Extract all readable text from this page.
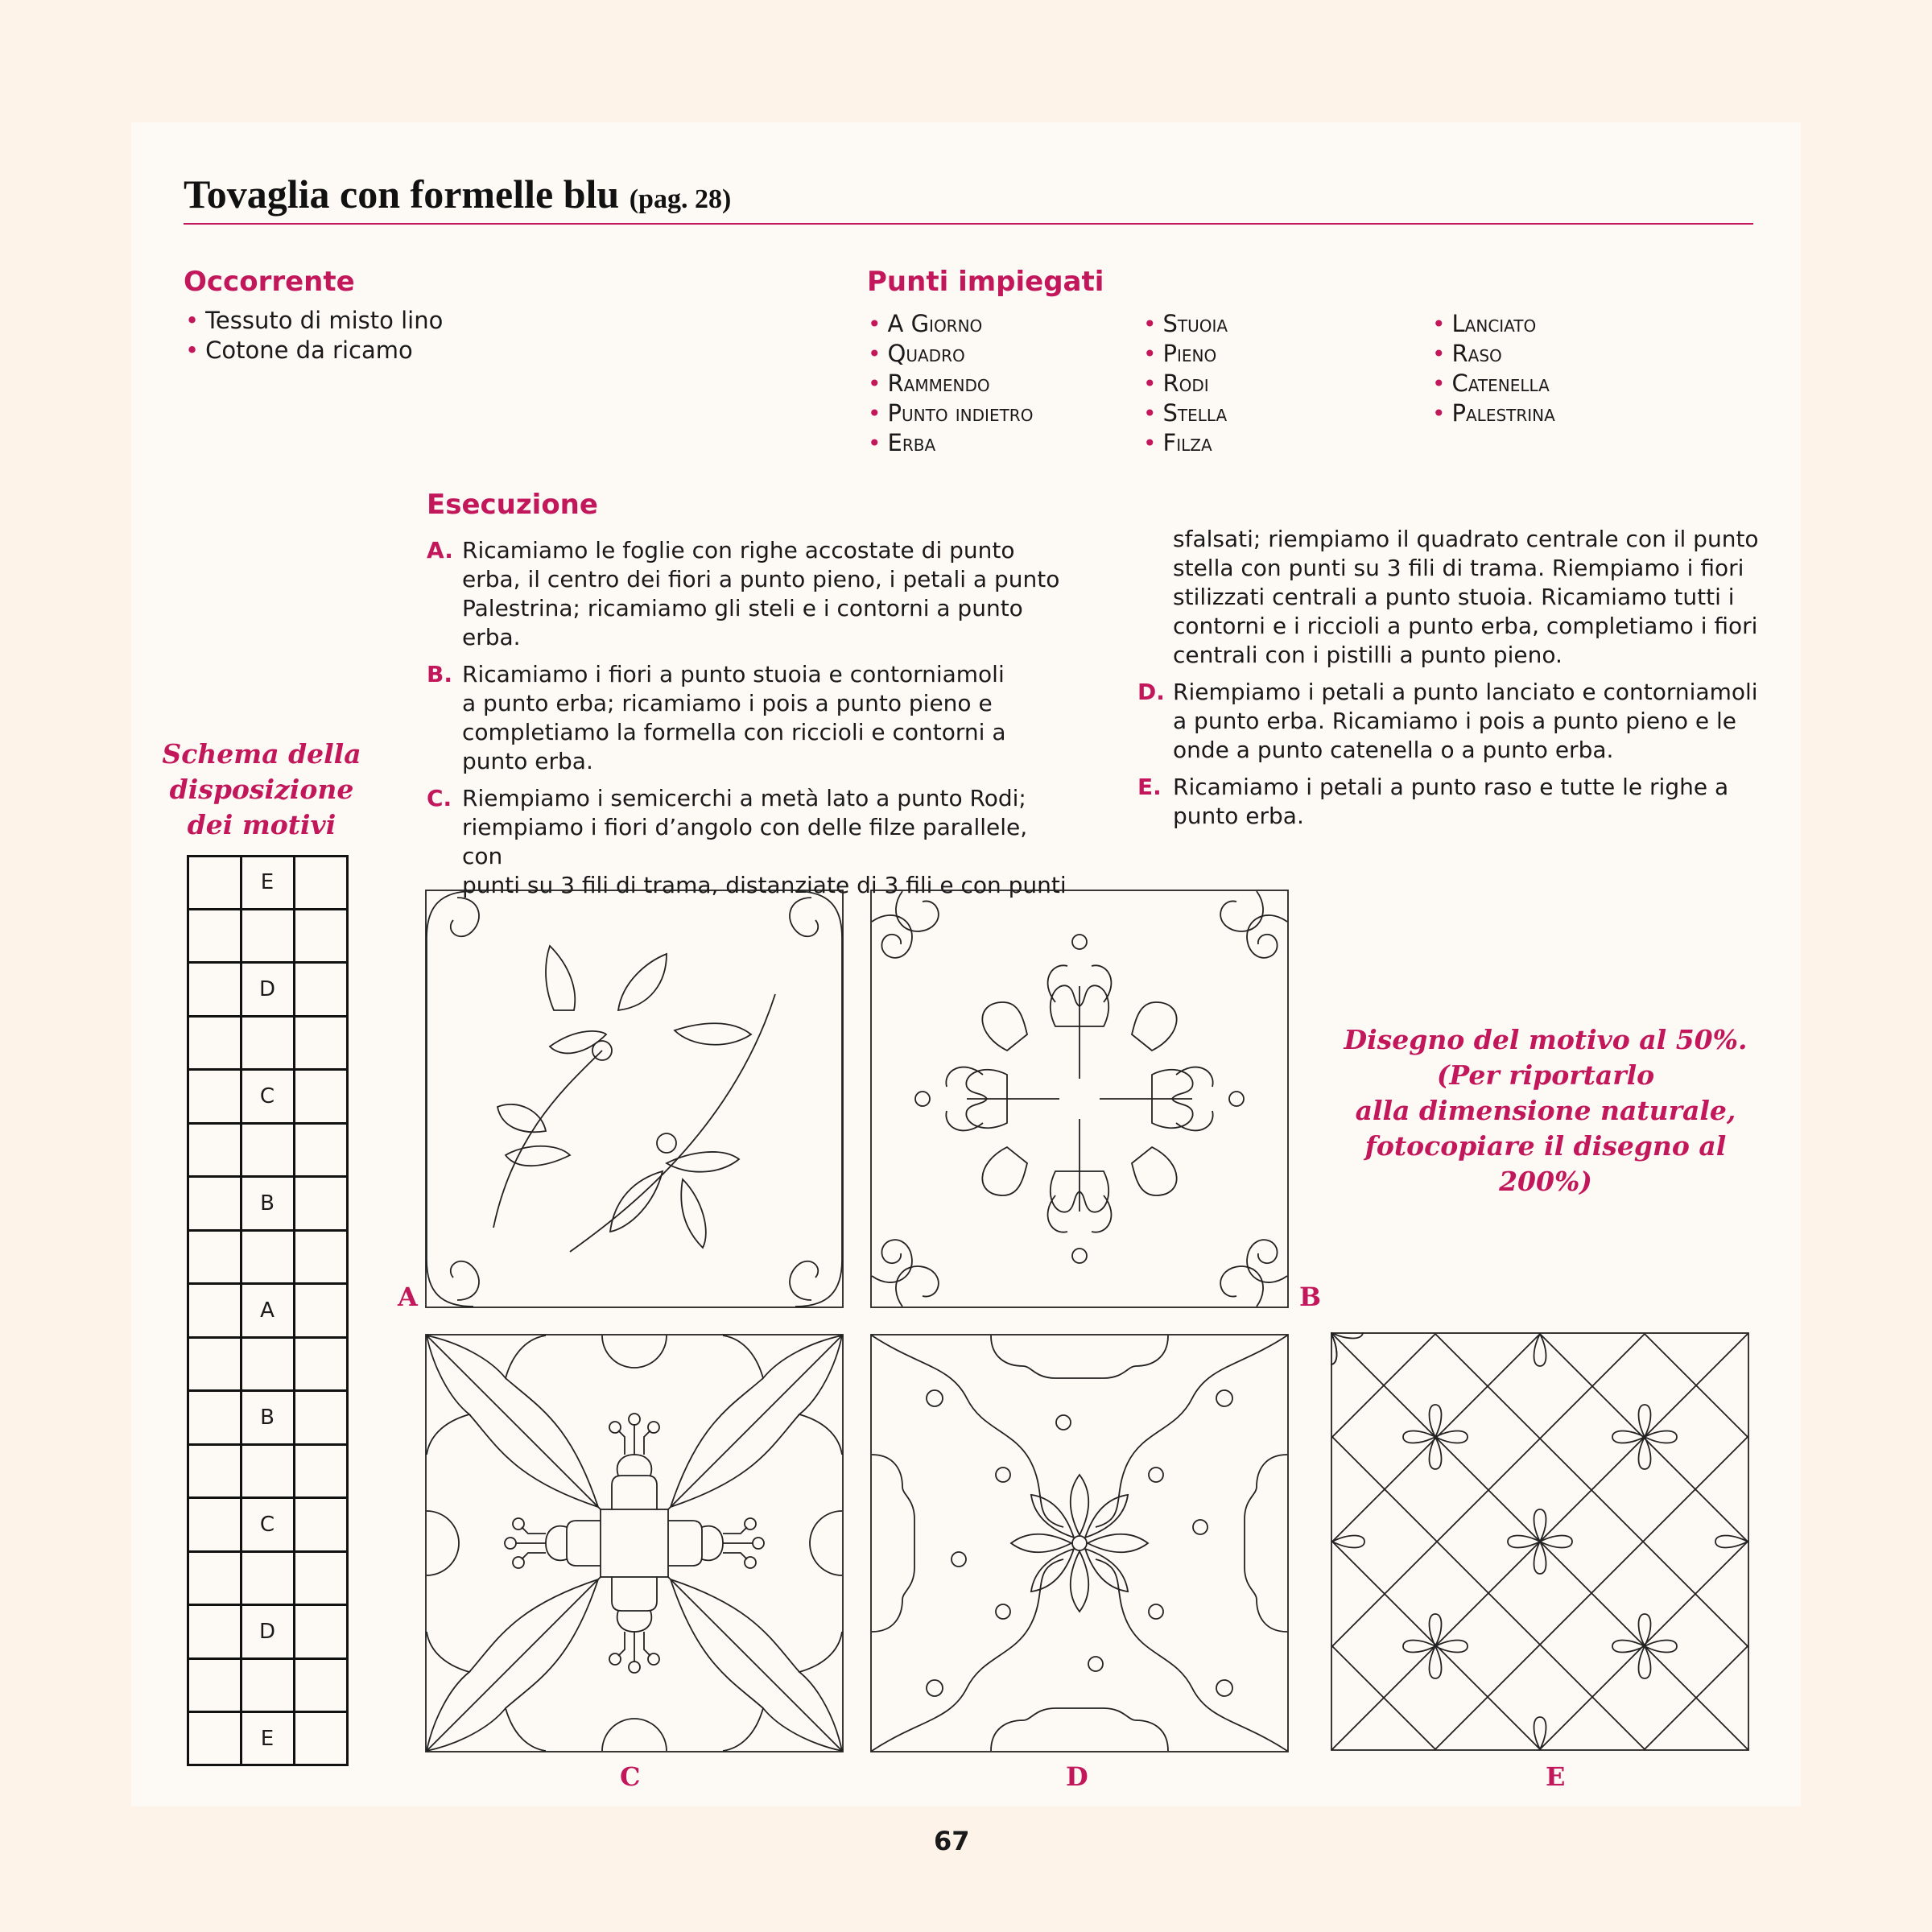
Tovaglia con formelle blu (pag. 28)
Occorrente
• Tessuto di misto lino
• Cotone da ricamo
Punti impiegati
• A Giorno
• Quadro
• Rammendo
• Punto indietro
• Erba
• Stuoia
• Pieno
• Rodi
• Stella
• Filza
• Lanciato
• Raso
• Catenella
• Palestrina
Esecuzione
A. Ricamiamo le foglie con righe accostate di punto
erba, il centro dei fiori a punto pieno, i petali a punto
Palestrina; ricamiamo gli steli e i contorni a punto erba.
B. Ricamiamo i fiori a punto stuoia e contorniamoli
a punto erba; ricamiamo i pois a punto pieno e
completiamo la formella con riccioli e contorni a
punto erba.
C. Riempiamo i semicerchi a metà lato a punto Rodi;
riempiamo i fiori d’angolo con delle filze parallele, con
punti su 3 fili di trama, distanziate di 3 fili e con punti
sfalsati; riempiamo il quadrato centrale con il punto
stella con punti su 3 fili di trama. Riempiamo i fiori
stilizzati centrali a punto stuoia. Ricamiamo tutti i
contorni e i riccioli a punto erba, completiamo i fiori
centrali con i pistilli a punto pieno.
D. Riempiamo i petali a punto lanciato e contorniamoli
a punto erba. Ricamiamo i pois a punto pieno e le
onde a punto catenella o a punto erba.
E. Ricamiamo i petali a punto raso e tutte le righe a
punto erba.
Schema della
disposizione
dei motivi
E
D
C
B
A
B
C
D
E
Disegno del motivo al 50%.
(Per riportarlo
alla dimensione naturale,
fotocopiare il disegno al 200%)
A	B
C	D	E
67
